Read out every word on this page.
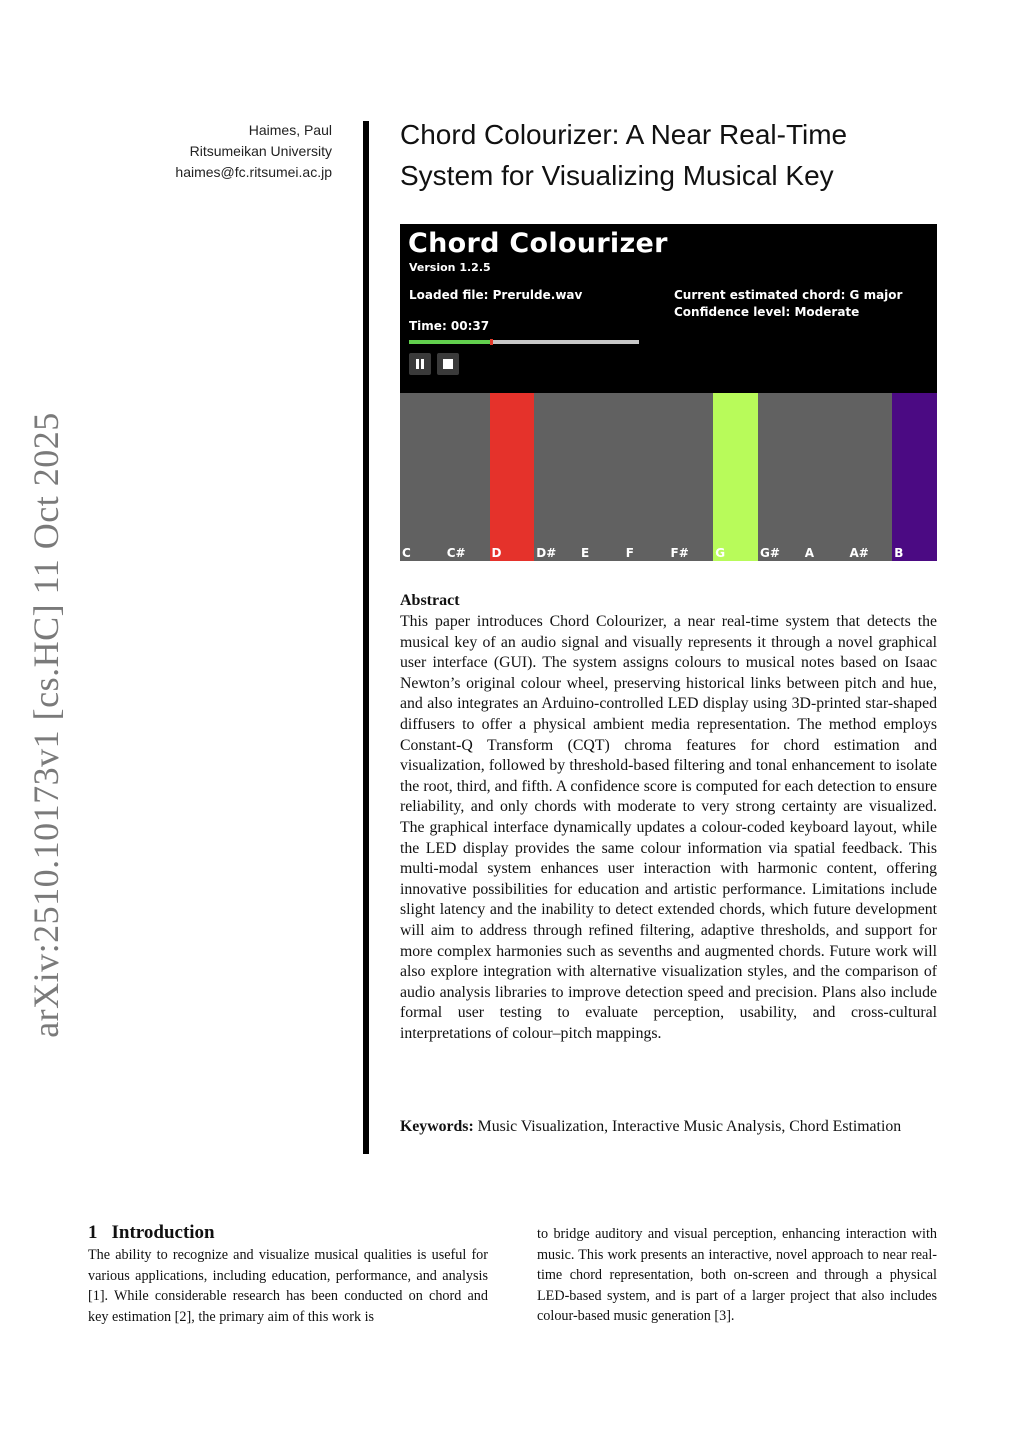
arXiv:2510.10173v1 [cs.HC] 11 Oct 2025
Haimes, Paul
Ritsumeikan University
haimes@fc.ritsumei.ac.jp
Chord Colourizer: A Near Real-Time
System for Visualizing Musical Key
Chord Colourizer
Version 1.2.5
Loaded file: Prerulde.wav
Time: 00:37
Current estimated chord: G major
Confidence level: Moderate
C	C# D	D# E	F	F# G	G# A	A# B
Abstract
This paper introduces Chord Colourizer, a near real-time system that detects the musical key of an audio signal and visually represents it through a novel graphical user interface (GUI). The system assigns colours to musical notes based on Isaac Newton’s original colour wheel, preserving historical links between pitch and hue, and also integrates an Arduino-controlled LED display using 3D-printed star-shaped diffusers to offer a physical ambient media representation. The method employs Constant-Q Transform (CQT) chroma features for chord estimation and visualization, followed by threshold-based filtering and tonal enhancement to isolate the root, third, and fifth. A confidence score is computed for each detection to ensure reliability, and only chords with moderate to very strong certainty are visualized. The graphical interface dynamically updates a colour-coded keyboard layout, while the LED display provides the same colour information via spatial feedback. This multi-modal system enhances user interaction with harmonic content, offering innovative possibilities for education and artistic performance. Limitations include slight latency and the inability to detect extended chords, which future development will aim to address through refined filtering, adaptive thresholds, and support for more complex harmonies such as sevenths and augmented chords. Future work will also explore integration with alternative visualization styles, and the comparison of audio analysis libraries to improve detection speed and precision. Plans also include formal user testing to evaluate perception, usability, and cross-cultural interpretations of colour–pitch mappings.
Keywords: Music Visualization, Interactive Music Analysis, Chord Estimation
1 Introduction
The ability to recognize and visualize musical qualities is useful for various applications, including education, performance, and analysis [1]. While considerable research has been conducted on chord and key estimation [2], the primary aim of this work is
to bridge auditory and visual perception, enhancing interaction with music. This work presents an interactive, novel approach to near real-time chord representation, both on-screen and through a physical LED-based system, and is part of a larger project that also includes colour-based music generation [3].
